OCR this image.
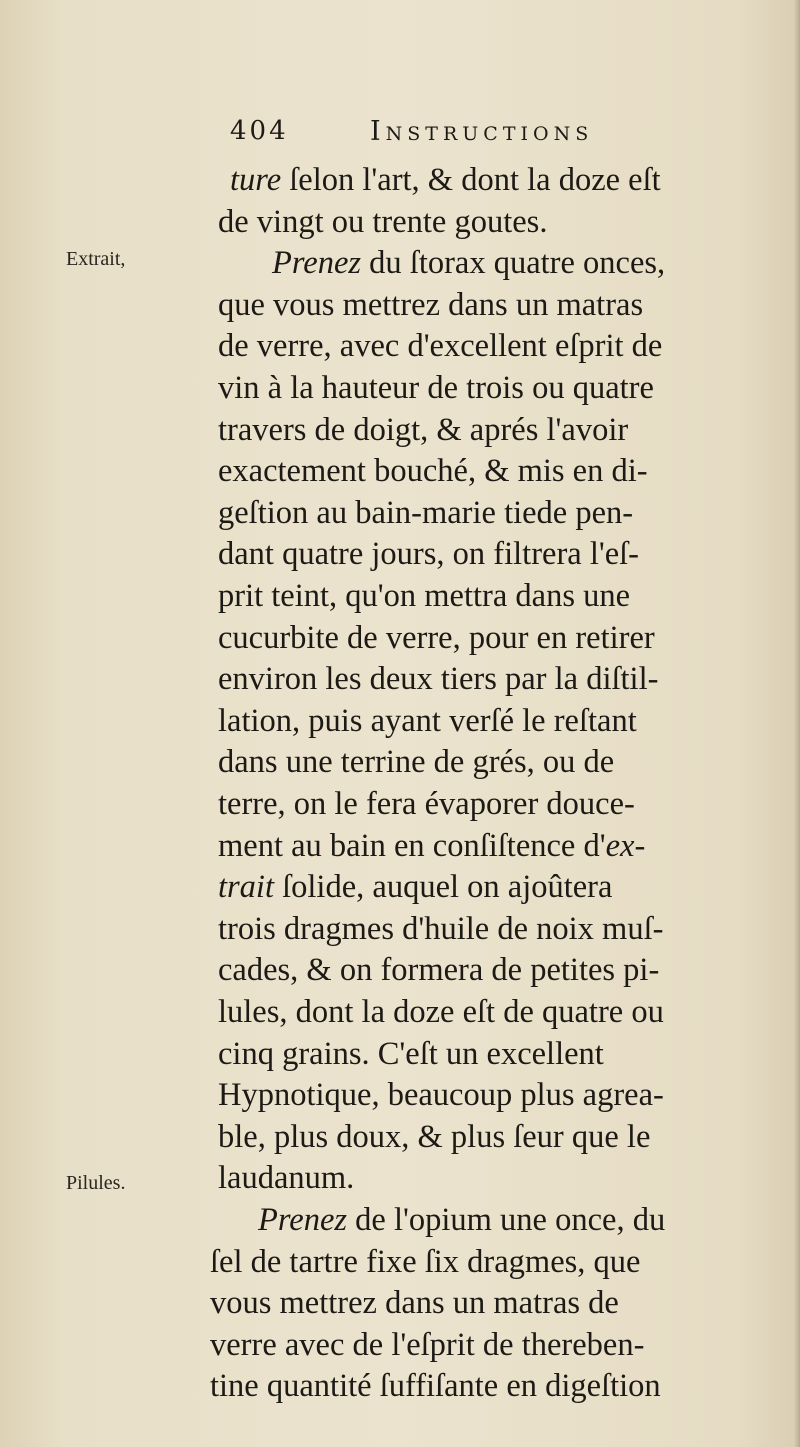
404	Instructions
Extrait,
Pilules.
ture ſelon l'art, & dont la doze eſt
de vingt ou trente goutes.
Prenez du ſtorax quatre onces,
que vous mettrez dans un matras
de verre, avec d'excellent eſprit de
vin à la hauteur de trois ou quatre
travers de doigt, & aprés l'avoir
exactement bouché, & mis en di-
geſtion au bain-marie tiede pen-
dant quatre jours, on filtrera l'eſ-
prit teint, qu'on mettra dans une
cucurbite de verre, pour en retirer
environ les deux tiers par la diſtil-
lation, puis ayant verſé le reſtant
dans une terrine de grés, ou de
terre, on le fera évaporer douce-
ment au bain en conſiſtence d'ex-
trait ſolide, auquel on ajoûtera
trois dragmes d'huile de noix muſ-
cades, & on formera de petites pi-
lules, dont la doze eſt de quatre ou
cinq grains. C'eſt un excellent
Hypnotique, beaucoup plus agrea-
ble, plus doux, & plus ſeur que le
laudanum.
Prenez de l'opium une once, du
ſel de tartre fixe ſix dragmes, que
vous mettrez dans un matras de
verre avec de l'eſprit de thereben-
tine quantité ſuffiſante en digeſtion
